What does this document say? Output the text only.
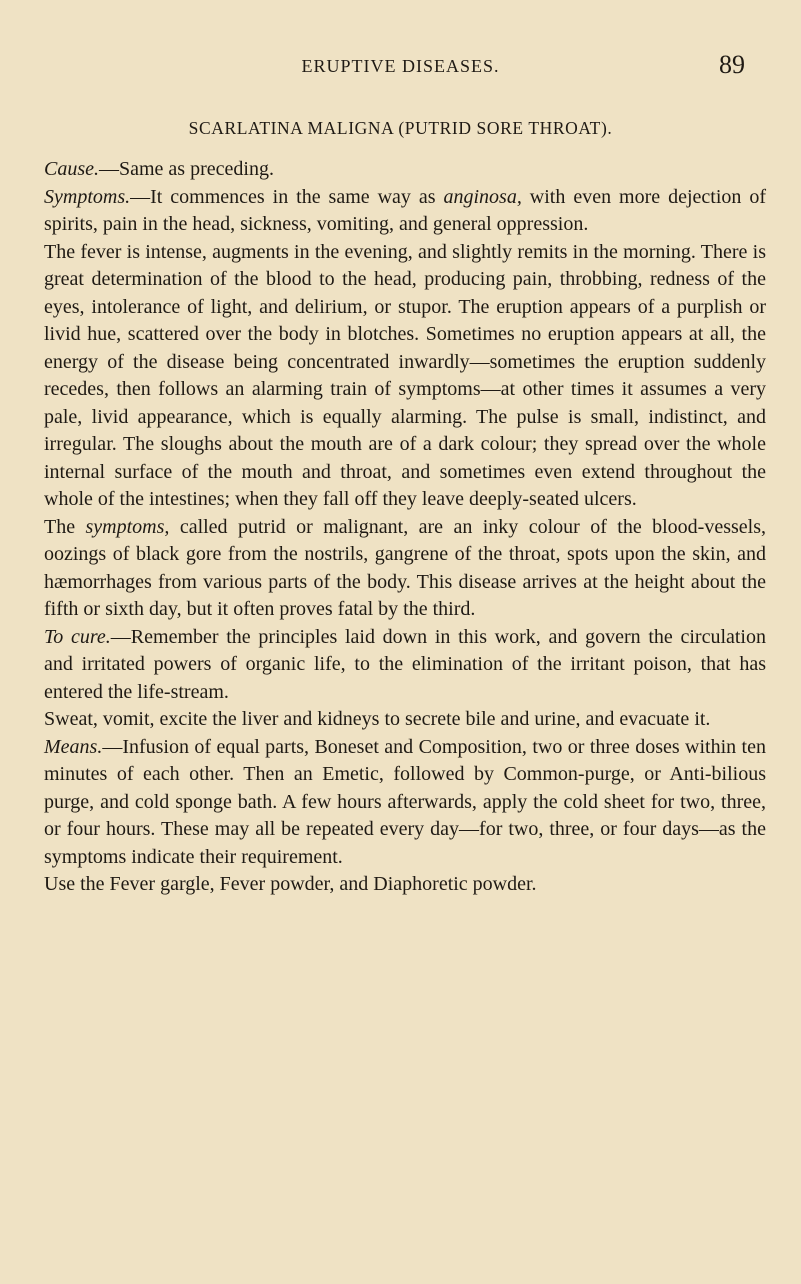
ERUPTIVE DISEASES.	89
SCARLATINA MALIGNA (PUTRID SORE THROAT).

Cause.—Same as preceding.

Symptoms.—It commences in the same way as anginosa, with even more dejection of spirits, pain in the head, sickness, vomiting, and general oppression.

The fever is intense, augments in the evening, and slightly remits in the morning. There is great determination of the blood to the head, producing pain, throbbing, redness of the eyes, intolerance of light, and delirium, or stupor. The eruption appears of a purplish or livid hue, scattered over the body in blotches. Sometimes no eruption appears at all, the energy of the disease being concentrated inwardly—sometimes the eruption suddenly recedes, then follows an alarming train of symptoms—at other times it assumes a very pale, livid appearance, which is equally alarming. The pulse is small, indistinct, and irregular. The sloughs about the mouth are of a dark colour; they spread over the whole internal surface of the mouth and throat, and sometimes even extend throughout the whole of the intestines; when they fall off they leave deeply-seated ulcers.

The symptoms, called putrid or malignant, are an inky colour of the blood-vessels, oozings of black gore from the nostrils, gangrene of the throat, spots upon the skin, and hæmorrhages from various parts of the body. This disease arrives at the height about the fifth or sixth day, but it often proves fatal by the third.

To cure.—Remember the principles laid down in this work, and govern the circulation and irritated powers of organic life, to the elimination of the irritant poison, that has entered the life-stream.

Sweat, vomit, excite the liver and kidneys to secrete bile and urine, and evacuate it.

Means.—Infusion of equal parts, Boneset and Composition, two or three doses within ten minutes of each other. Then an Emetic, followed by Common-purge, or Anti-bilious purge, and cold sponge bath. A few hours afterwards, apply the cold sheet for two, three, or four hours. These may all be repeated every day—for two, three, or four days—as the symptoms indicate their requirement.

Use the Fever gargle, Fever powder, and Diaphoretic powder.
